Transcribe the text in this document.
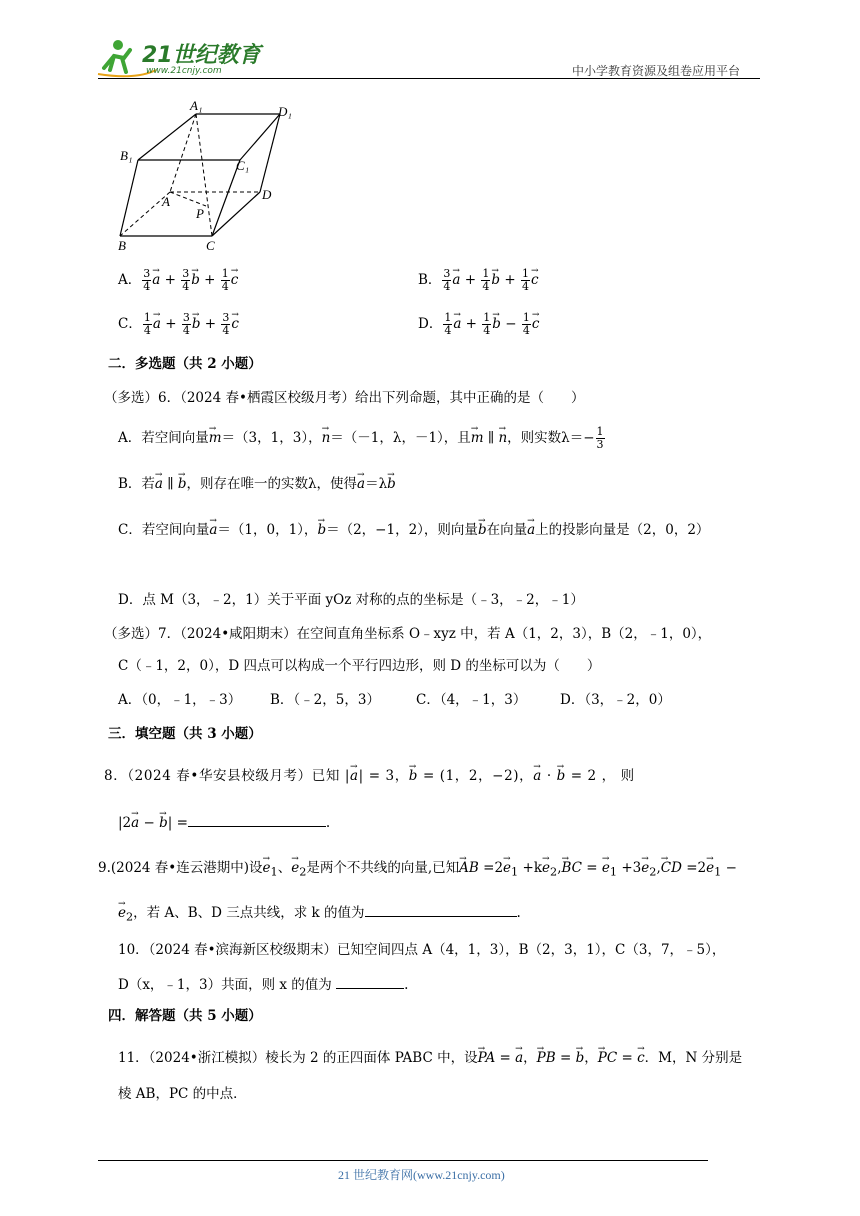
21世纪教育
www.21cnjy.com	中小学教育资源及组卷应用平台
A₁	D₁
B₁
C₁
A
P
D
B	C
A． $\frac{3}{4}$
→ $a + \frac{3}{4}$
→ $b + \frac{1}{4}$
→ c	B． $\frac{3}{4}$
→ $a + \frac{1}{4}$
→ $b + \frac{1}{4}$
→ c
C． $\frac{1}{4}$
→ $a + \frac{3}{4}$
→ $b + \frac{3}{4}$
→ c	D． $\frac{1}{4}$
→ $a + \frac{1}{4}$
→ $b - \frac{1}{4}$
→ c
二．多选题（共 2 小题）
（多选）6．（2024 春•栖霞区校级月考）给出下列命题，其中正确的是（　　）
A．若空间向量→ m＝（3，1，3），→ n＝（－1，λ，－1），且→ m ∥ → n，则实数$\lambda=- \frac{1}{3}$
B．若→ a ∥ → b，则存在唯一的实数λ，使得→ a＝λ→ b
C．若空间向量→ a＝（1，0，1），→ b＝（2，−1，2），则向量→ b在向量→ a上的投影向量是（2，0，2）
D．点 M（3，﹣2，1）关于平面 yOz 对称的点的坐标是（﹣3，﹣2，﹣1）
（多选）7．（2024•咸阳期末）在空间直角坐标系 O﹣xyz 中，若 A（1，2，3），B（2，﹣1，0），
C（﹣1，2，0），D 四点可以构成一个平行四边形，则 D 的坐标可以为（　　）
A．（0，﹣1，﹣3） B．（﹣2，5，3）	C．（4，﹣1，3） D．（3，﹣2，0）
三．填空题（共 3 小题）
8．（2024 春•华安县校级月考）已知 |→ a| = 3，→ b = (1，2，−2)，→ a · → b = 2 ， 则
|2→ a − → b| =	.
9.(2024 春•连云港期中)设→ $e_1$、→ $e_2$是两个不共线的向量,已知→ AB $=2\to e_1 +k\to e_2,\to$ BC = → $e_1 +3\to e_2,\to$ CD $=2\to e_1$ −
→ $e_2$，若 A、B、D 三点共线，求 k 的值为	.
10．（2024 春•滨海新区校级期末）已知空间四点 A（4，1，3），B（2，3，1），C（3，7，﹣5），
D（x，﹣1，3）共面，则 x 的值为	.
四．解答题（共 5 小题）
11．（2024•浙江模拟）棱长为 2 的正四面体 PABC 中，设→ PA = → a，→ PB = → b，→ PC = → c．M，N 分别是
棱 AB，PC 的中点．
21 世纪教育网(www.21cnjy.com)
